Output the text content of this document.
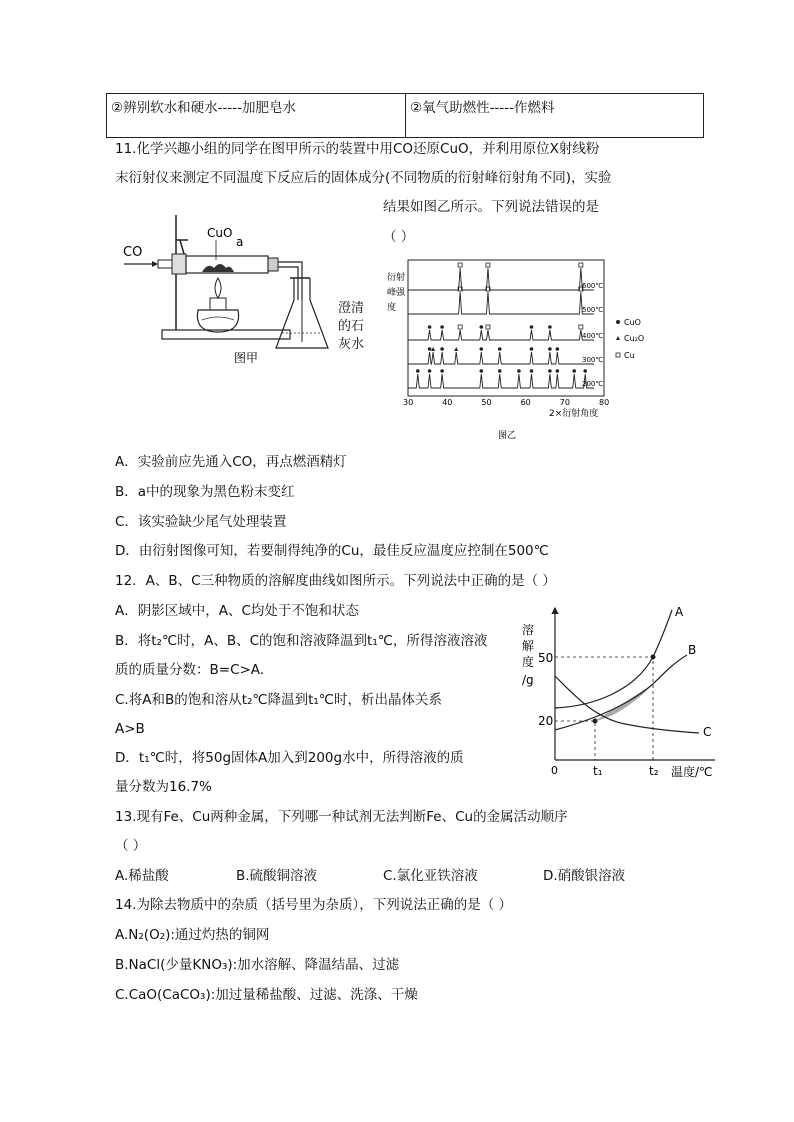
②辨别软水和硬水-----加肥皂水	②氧气助燃性-----作燃料
11.化学兴趣小组的同学在图甲所示的装置中用CO还原CuO，并利用原位X射线粉
末衍射仪来测定不同温度下反应后的固体成分(不同物质的衍射峰衍射角不同)，实验
结果如图乙所示。下列说法错误的是
（ ）
CO
CuO
a
图甲
澄清
的石
灰水
衍射
峰强
度
30	40	50	60	70	80
600℃
500℃
400℃
300℃
200℃
2×衍射角度
CuO
Cu₂O
Cu
图乙
A．实验前应先通入CO，再点燃酒精灯
B．a中的现象为黑色粉末变红
C．该实验缺少尾气处理装置
D．由衍射图像可知，若要制得纯净的Cu，最佳反应温度应控制在500℃
12．A、B、C三种物质的溶解度曲线如图所示。下列说法中正确的是（ ）
A．阴影区域中，A、C均处于不饱和状态
B．将t₂℃时，A、B、C的饱和溶液降温到t₁℃，所得溶液溶液
质的质量分数：B=C>A．
C.将A和B的饱和溶从t₂℃降温到t₁℃时，析出晶体关系
A>B
D．t₁℃时，将50g固体A加入到200g水中，所得溶液的质
量分数为16.7%
溶
解
度
/g
50
20
0	t₁	t₂ 温度/℃
A
B
C
13.现有Fe、Cu两种金属，下列哪一种试剂无法判断Fe、Cu的金属活动顺序
（ ）
A.稀盐酸	B.硫酸铜溶液	C.氯化亚铁溶液	D.硝酸银溶液
14.为除去物质中的杂质（括号里为杂质），下列说法正确的是（ ）
A.N₂(O₂):通过灼热的铜网
B.NaCl(少量KNO₃):加水溶解、降温结晶、过滤
C.CaO(CaCO₃):加过量稀盐酸、过滤、洗涤、干燥
